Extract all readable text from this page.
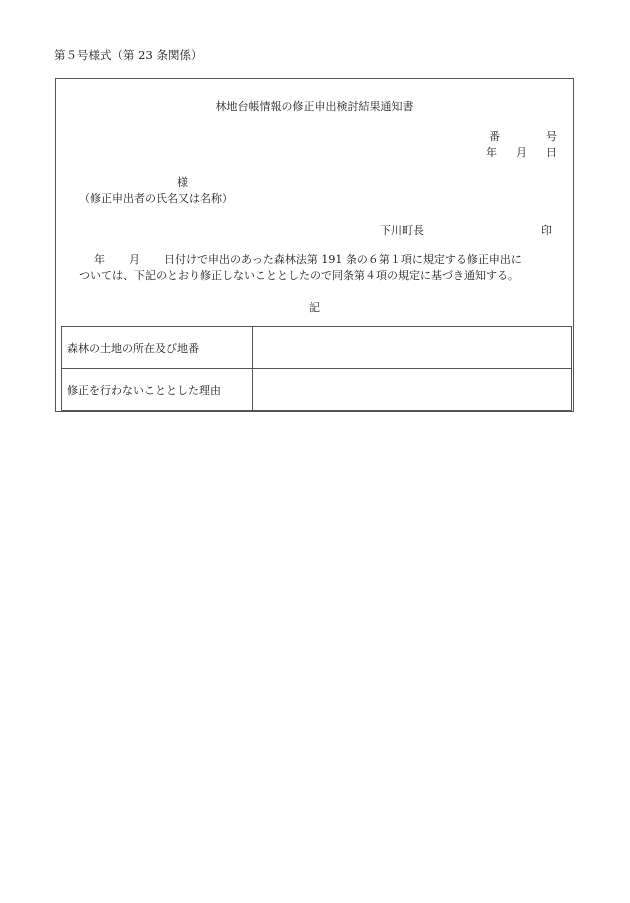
第５号様式（第 23 条関係）
林地台帳情報の修正申出検討結果通知書
番	号
年 月 日
様
（修正申出者の氏名又は名称）
下川町長	印
年 月 日付けで申出のあった森林法第 191 条の６第１項に規定する修正申出に
ついては、下記のとおり修正しないこととしたので同条第４項の規定に基づき通知する。
記
森林の土地の所在及び地番	
修正を行わないこととした理由	
